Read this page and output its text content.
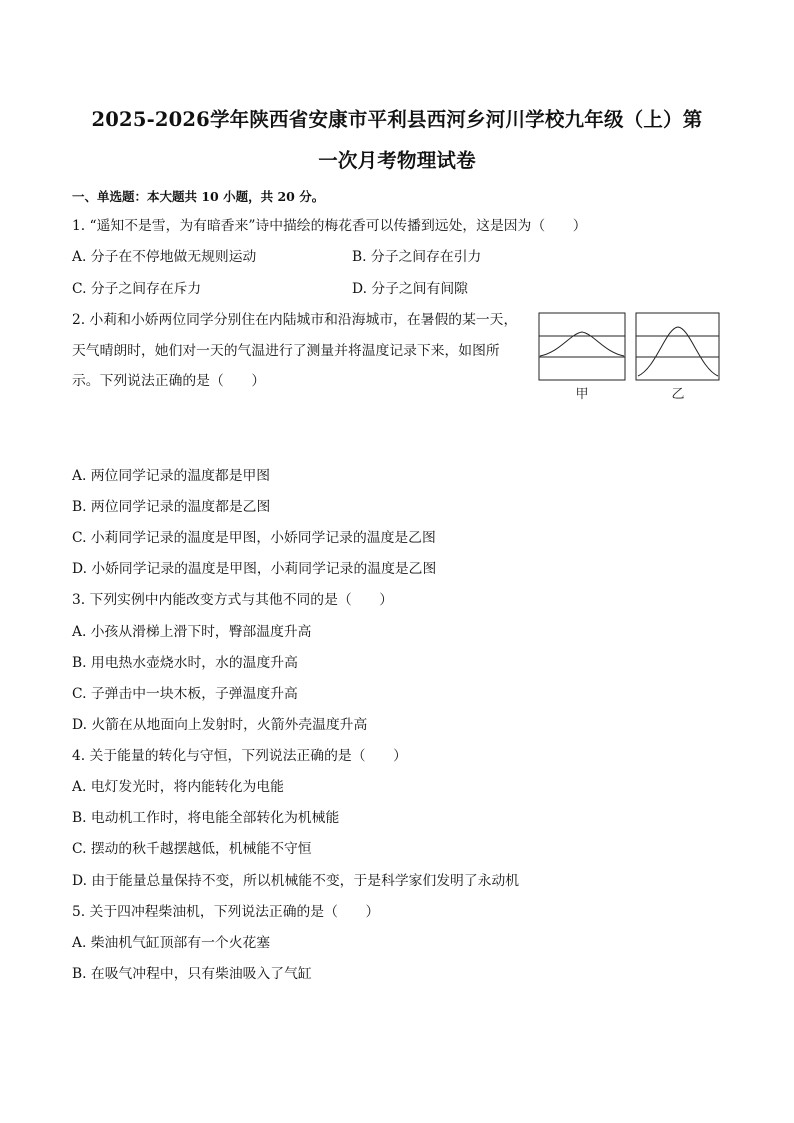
2025-2026学年陕西省安康市平利县西河乡河川学校九年级（上）第
一次月考物理试卷
一、单选题：本大题共 10 小题，共 20 分。
1. “遥知不是雪，为有暗香来”诗中描绘的梅花香可以传播到远处，这是因为（　　）
A. 分子在不停地做无规则运动	B. 分子之间存在引力
C. 分子之间存在斥力	D. 分子之间有间隙
2. 小莉和小娇两位同学分别住在内陆城市和沿海城市，在暑假的某一天，
天气晴朗时，她们对一天的气温进行了测量并将温度记录下来，如图所
示。下列说法正确的是（　　）
甲	乙
A. 两位同学记录的温度都是甲图
B. 两位同学记录的温度都是乙图
C. 小莉同学记录的温度是甲图，小娇同学记录的温度是乙图
D. 小娇同学记录的温度是甲图，小莉同学记录的温度是乙图
3. 下列实例中内能改变方式与其他不同的是（　　）
A. 小孩从滑梯上滑下时，臀部温度升高
B. 用电热水壶烧水时，水的温度升高
C. 子弹击中一块木板，子弹温度升高
D. 火箭在从地面向上发射时，火箭外壳温度升高
4. 关于能量的转化与守恒，下列说法正确的是（　　）
A. 电灯发光时，将内能转化为电能
B. 电动机工作时，将电能全部转化为机械能
C. 摆动的秋千越摆越低，机械能不守恒
D. 由于能量总量保持不变，所以机械能不变，于是科学家们发明了永动机
5. 关于四冲程柴油机，下列说法正确的是（　　）
A. 柴油机气缸顶部有一个火花塞
B. 在吸气冲程中，只有柴油吸入了气缸
